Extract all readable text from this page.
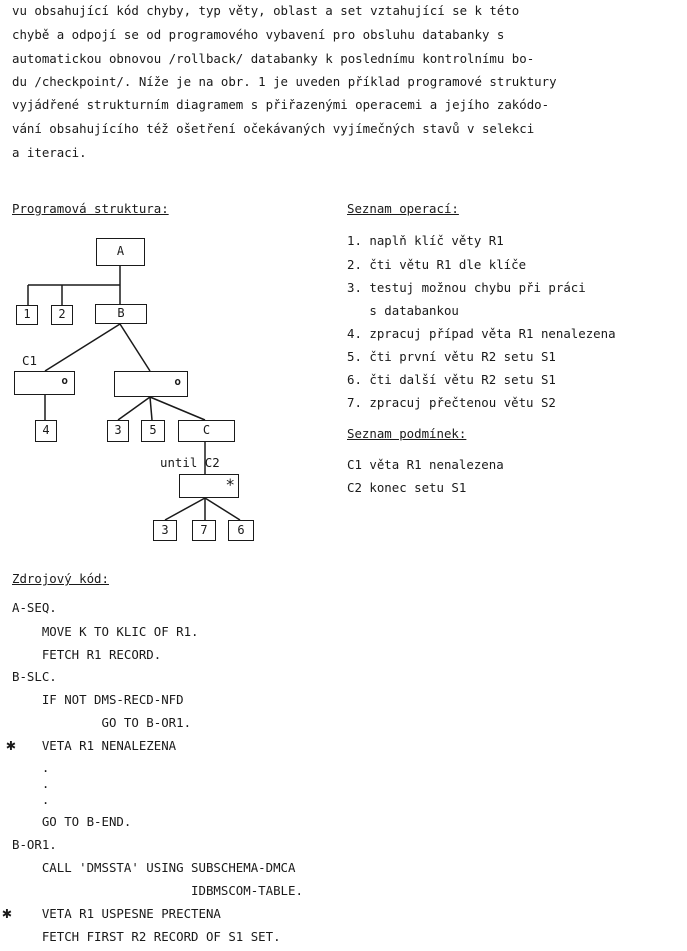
vu obsahující kód chyby, typ věty, oblast a set vztahující se k této
chybě a odpojí se od programového vybavení pro obsluhu databanky s
automatickou obnovou /rollback/ databanky k poslednímu kontrolnímu bo-
du /checkpoint/. Níže je na obr. 1 je uveden příklad programové struktury
vyjádřené strukturním diagramem s přiřazenými operacemi a jejího zakódo-
vání obsahujícího též ošetření očekávaných vyjímečných stavů v selekci
a iteraci.
Programová struktura:
A
1	2	B
C1
o	o
4	3	5	C
until C2
*
3	7	6
Seznam operací:
1. naplň klíč věty R1
2. čti větu R1 dle klíče
3. testuj možnou chybu při práci
s databankou
4. zpracuj případ věta R1 nenalezena
5. čti první větu R2 setu S1
6. čti další větu R2 setu S1
7. zpracuj přečtenou větu S2
Seznam podmínek:
C1 věta R1 nenalezena
C2 konec setu S1
Zdrojový kód:
A-SEQ.
MOVE K TO KLIC OF R1.
FETCH R1 RECORD.
B-SLC.
IF NOT DMS-RECD-NFD
GO TO B-OR1.
✱
VETA R1 NENALEZENA
.
.
.
GO TO B-END.
B-OR1.
CALL 'DMSSTA' USING SUBSCHEMA-DMCA
IDBMSCOM-TABLE.
✱ VETA R1 USPESNE PRECTENA
FETCH FIRST R2 RECORD OF S1 SET.
